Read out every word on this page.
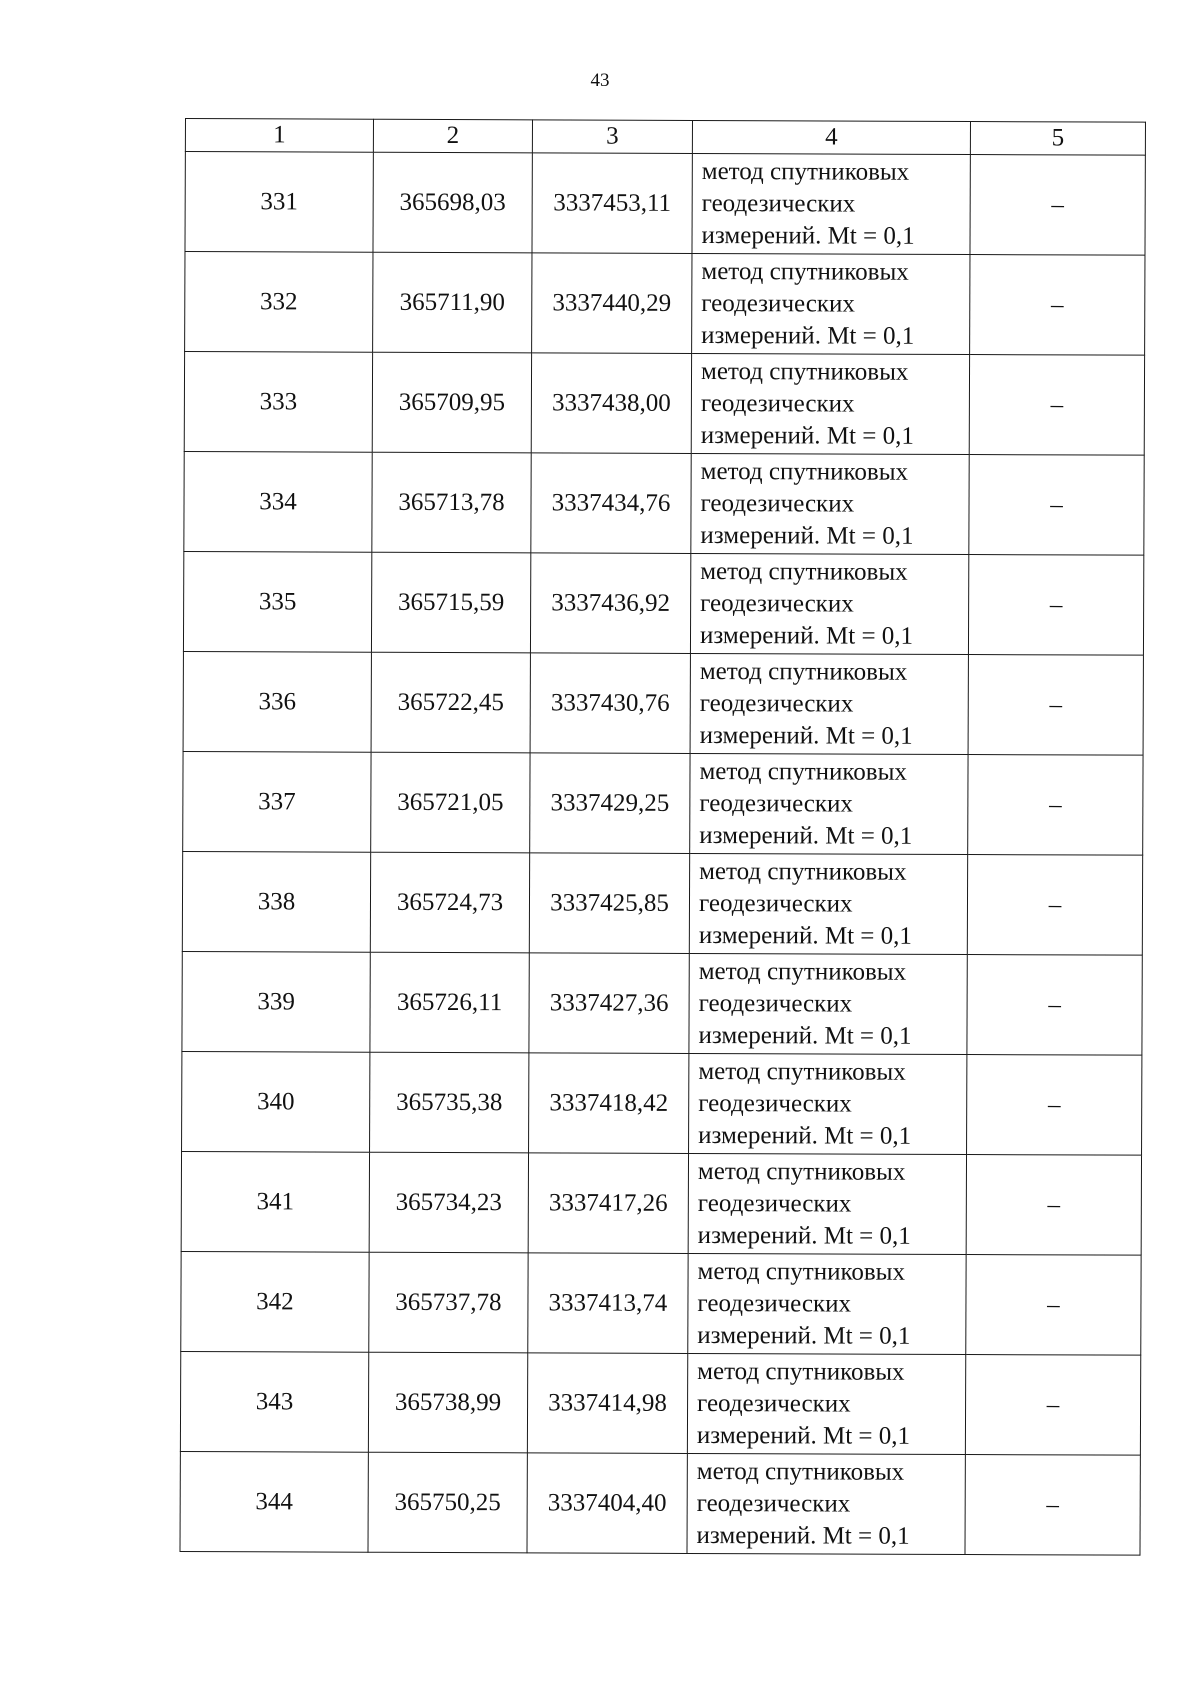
43
1	2	3	4	5
331	365698,03	3337453,11	метод спутниковых
геодезических
измерений. Mt = 0,1	–
332	365711,90	3337440,29	метод спутниковых
геодезических
измерений. Mt = 0,1	–
333	365709,95	3337438,00	метод спутниковых
геодезических
измерений. Mt = 0,1	–
334	365713,78	3337434,76	метод спутниковых
геодезических
измерений. Mt = 0,1	–
335	365715,59	3337436,92	метод спутниковых
геодезических
измерений. Mt = 0,1	–
336	365722,45	3337430,76	метод спутниковых
геодезических
измерений. Mt = 0,1	–
337	365721,05	3337429,25	метод спутниковых
геодезических
измерений. Mt = 0,1	–
338	365724,73	3337425,85	метод спутниковых
геодезических
измерений. Mt = 0,1	–
339	365726,11	3337427,36	метод спутниковых
геодезических
измерений. Mt = 0,1	–
340	365735,38	3337418,42	метод спутниковых
геодезических
измерений. Mt = 0,1	–
341	365734,23	3337417,26	метод спутниковых
геодезических
измерений. Mt = 0,1	–
342	365737,78	3337413,74	метод спутниковых
геодезических
измерений. Mt = 0,1	–
343	365738,99	3337414,98	метод спутниковых
геодезических
измерений. Mt = 0,1	–
344	365750,25	3337404,40	метод спутниковых
геодезических
измерений. Mt = 0,1	–
